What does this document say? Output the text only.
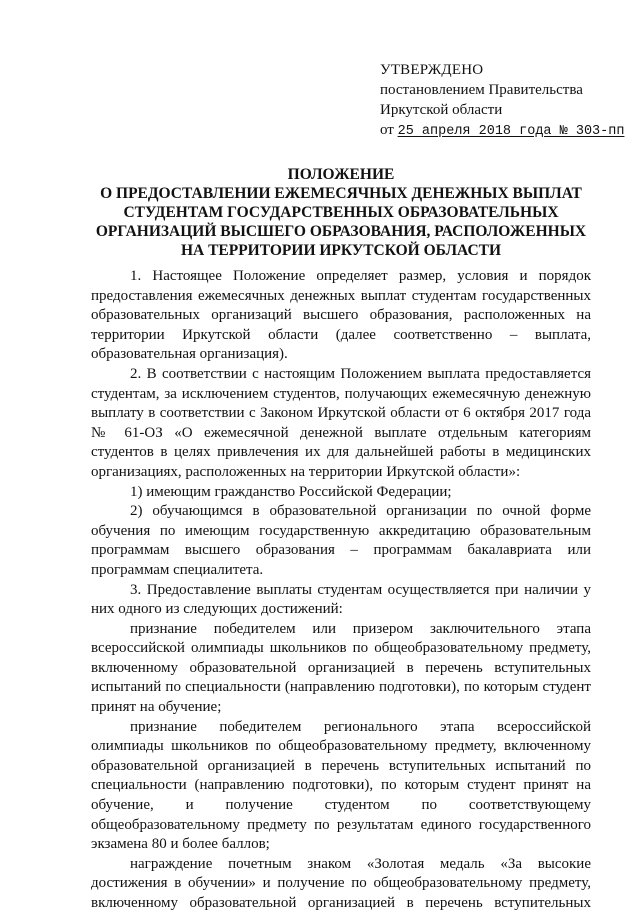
УТВЕРЖДЕНО
постановлением Правительства
Иркутской области
от 25 апреля 2018 года № 303-пп
ПОЛОЖЕНИЕ
О ПРЕДОСТАВЛЕНИИ ЕЖЕМЕСЯЧНЫХ ДЕНЕЖНЫХ ВЫПЛАТ
СТУДЕНТАМ ГОСУДАРСТВЕННЫХ ОБРАЗОВАТЕЛЬНЫХ
ОРГАНИЗАЦИЙ ВЫСШЕГО ОБРАЗОВАНИЯ, РАСПОЛОЖЕННЫХ
НА ТЕРРИТОРИИ ИРКУТСКОЙ ОБЛАСТИ

1. Настоящее Положение определяет размер, условия и порядок предоставления ежемесячных денежных выплат студентам государственных образовательных организаций высшего образования, расположенных на территории Иркутской области (далее соответственно – выплата, образовательная организация).

2. В соответствии с настоящим Положением выплата предоставляется студентам, за исключением студентов, получающих ежемесячную денежную выплату в соответствии с Законом Иркутской области от 6 октября 2017 года № 61-ОЗ «О ежемесячной денежной выплате отдельным категориям студентов в целях привлечения их для дальнейшей работы в медицинских организациях, расположенных на территории Иркутской области»:

1) имеющим гражданство Российской Федерации;

2) обучающимся в образовательной организации по очной форме обучения по имеющим государственную аккредитацию образовательным программам высшего образования – программам бакалавриата или программам специалитета.

3. Предоставление выплаты студентам осуществляется при наличии у них одного из следующих достижений:

признание победителем или призером заключительного этапа всероссийской олимпиады школьников по общеобразовательному предмету, включенному образовательной организацией в перечень вступительных испытаний по специальности (направлению подготовки), по которым студент принят на обучение;

признание победителем регионального этапа всероссийской олимпиады школьников по общеобразовательному предмету, включенному образовательной организацией в перечень вступительных испытаний по специальности (направлению подготовки), по которым студент принят на обучение, и получение студентом по соответствующему общеобразовательному предмету по результатам единого государственного экзамена 80 и более баллов;

награждение почетным знаком «Золотая медаль «За высокие достижения в обучении» и получение по общеобразовательному предмету, включенному образовательной организацией в перечень вступительных
